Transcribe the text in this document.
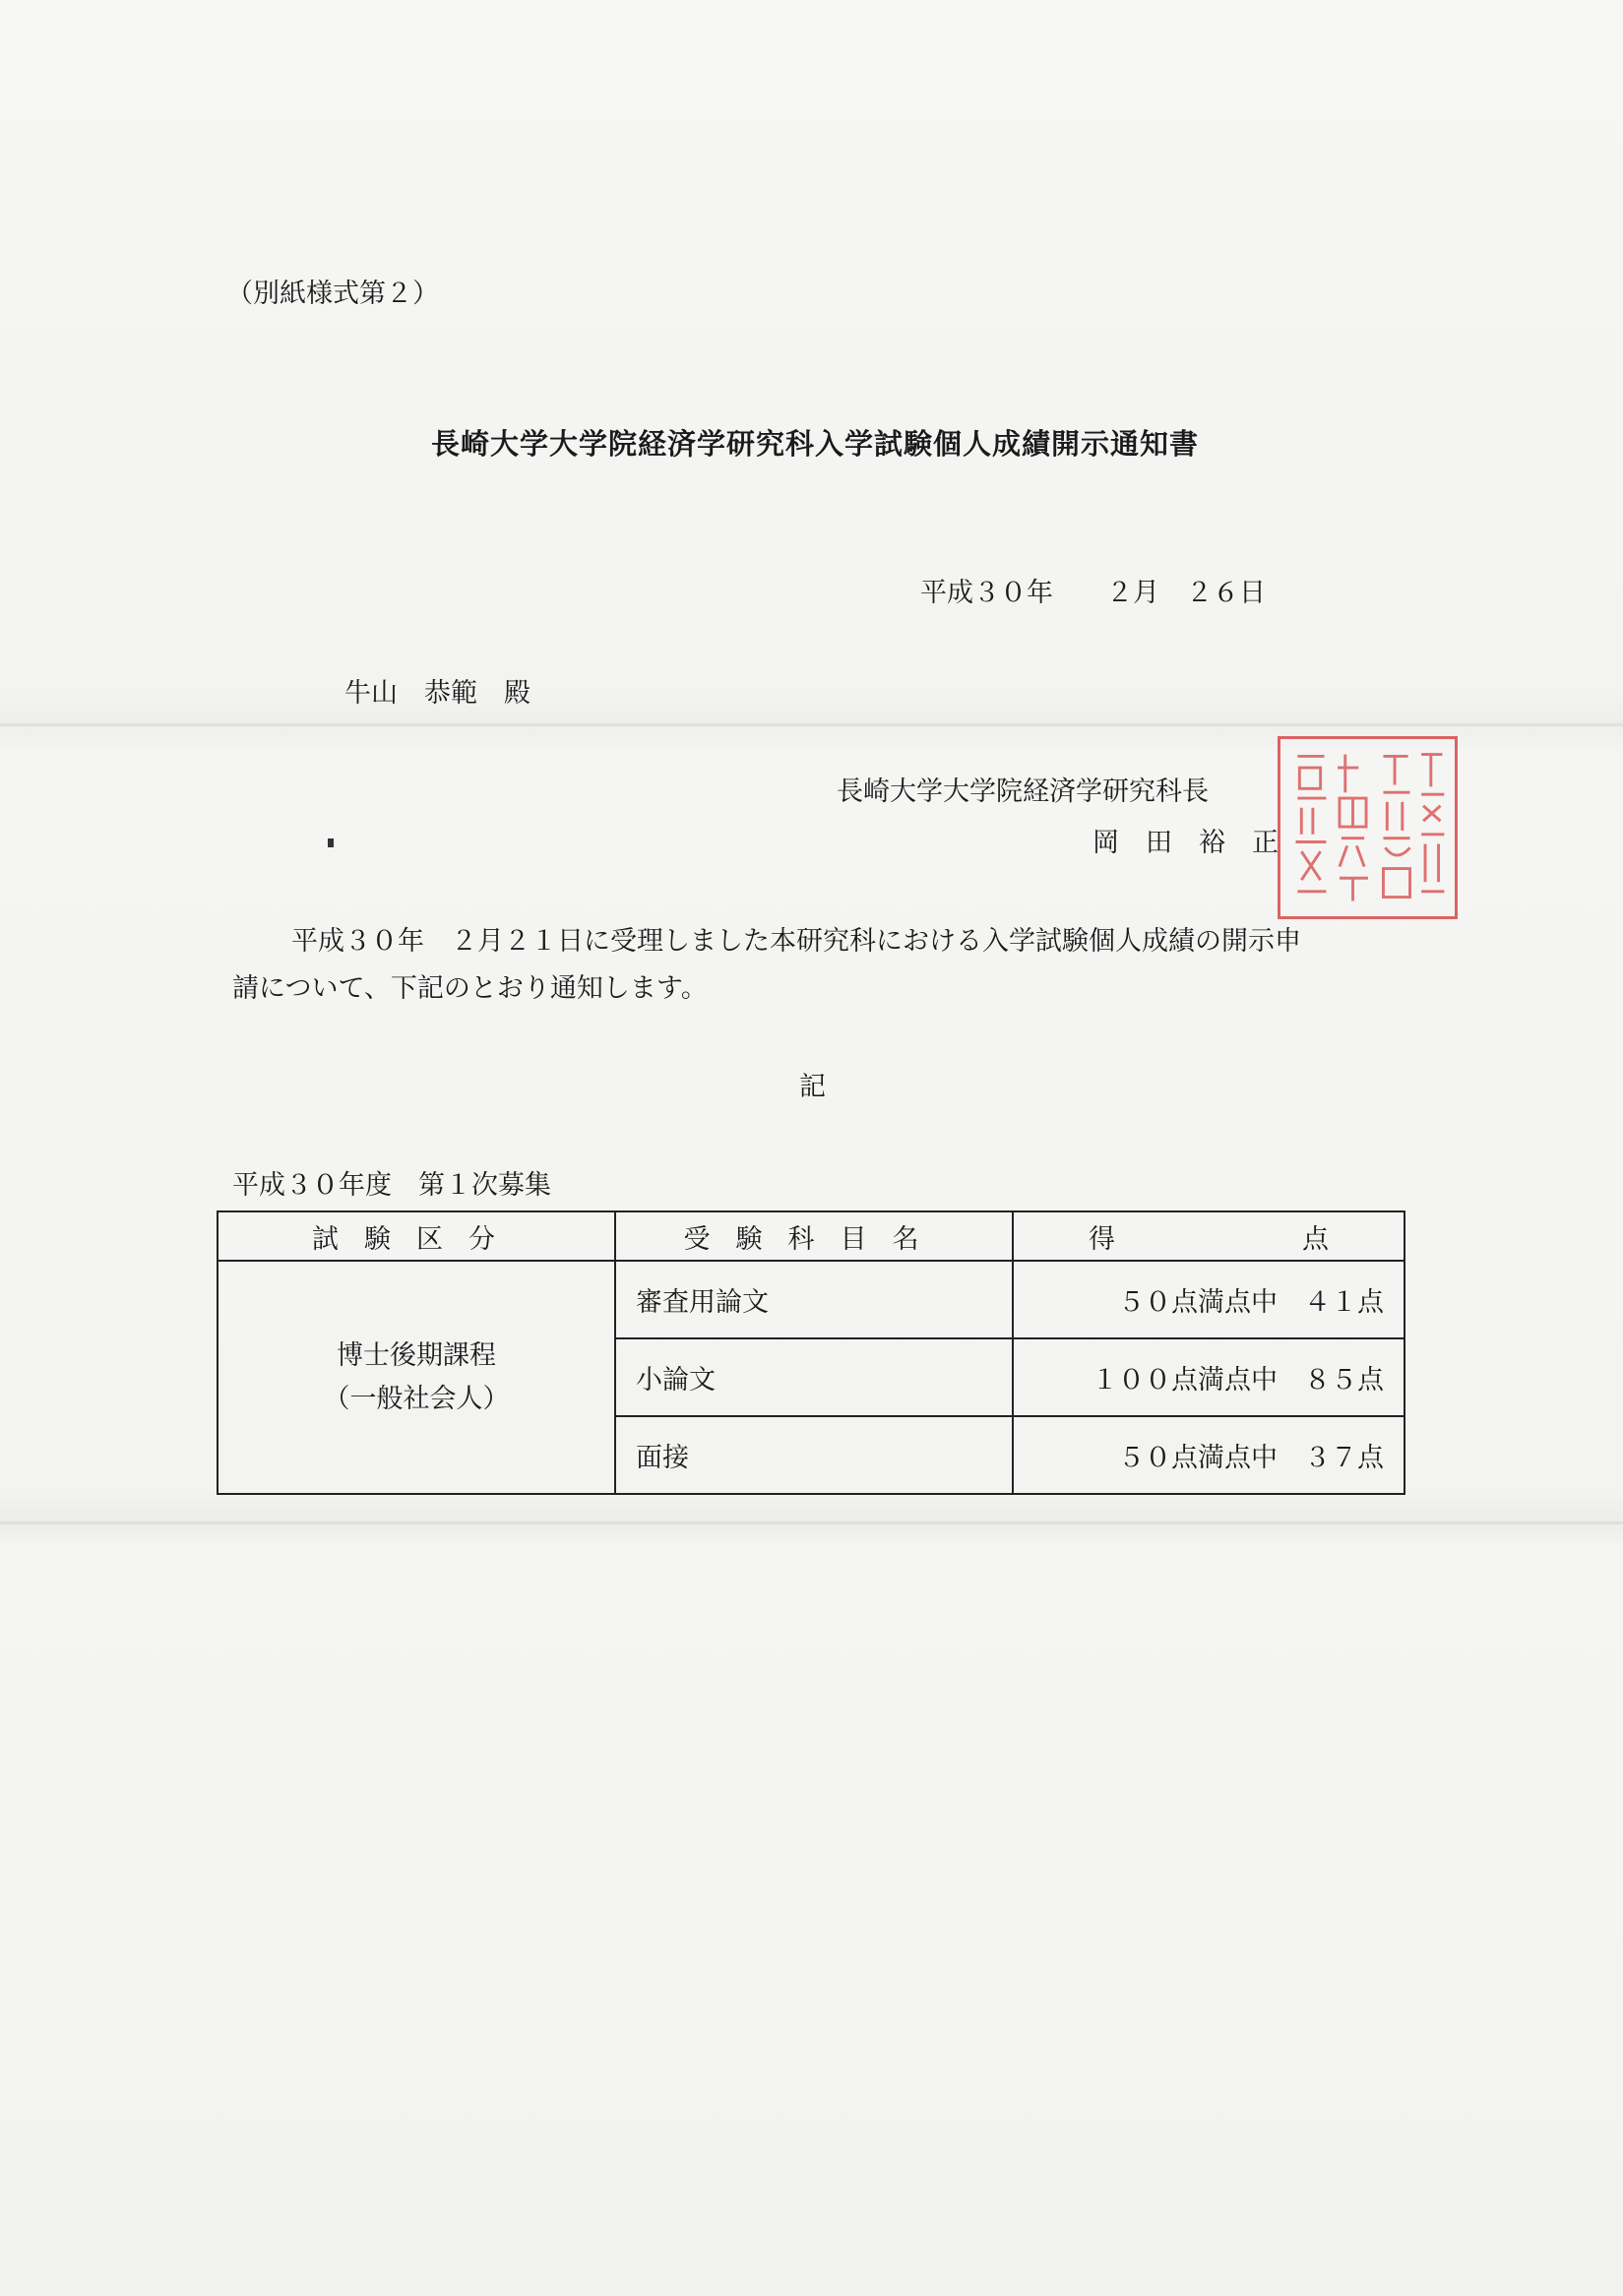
（別紙様式第２）
長崎大学大学院経済学研究科入学試験個人成績開示通知書
平成３０年　　２月　２６日
牛山　恭範　殿
長崎大学大学院経済学研究科長
岡　田　裕　正
平成３０年　２月２１日に受理しました本研究科における入学試験個人成績の開示申
請について、下記のとおり通知します。
記
平成３０年度　第１次募集
試験区分	受験科目名	得 点

博士後期課程
（一般社会人）	審査用論文	５０点満点中　４１点
	小論文	１００点満点中　８５点
	面接	５０点満点中　３７点
